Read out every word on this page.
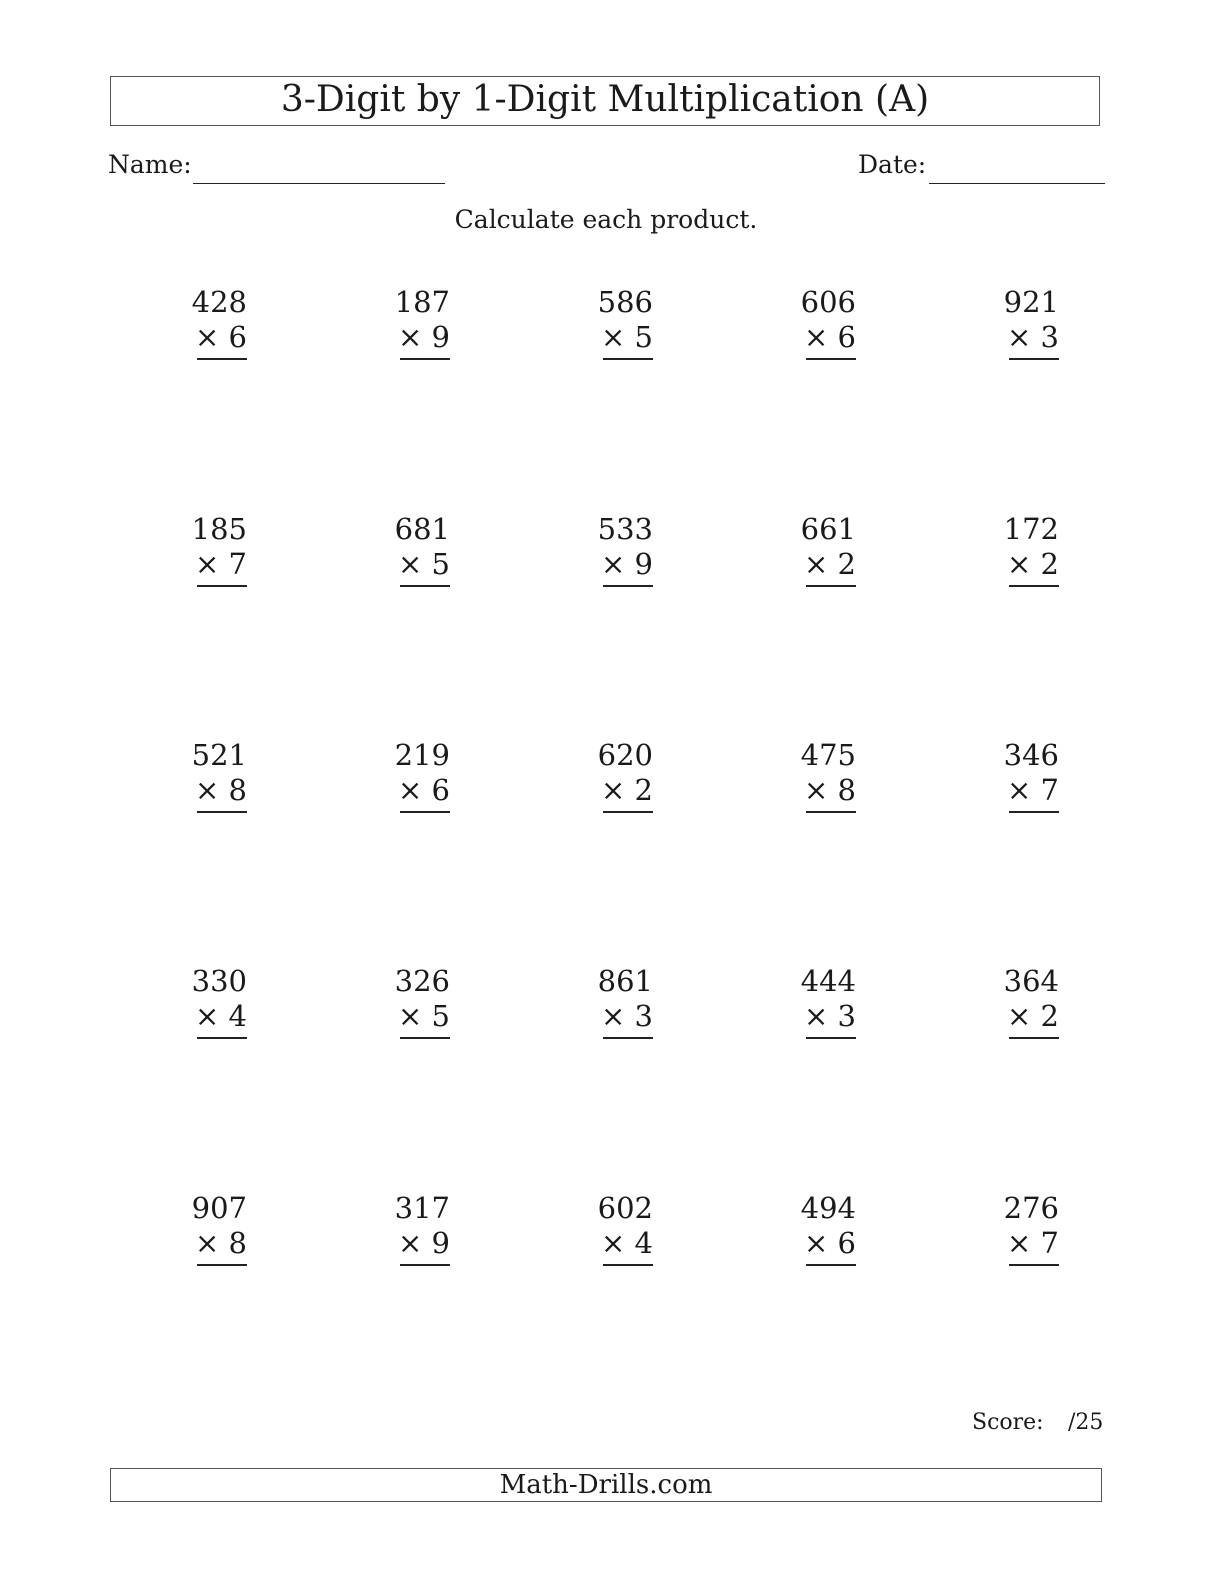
3-Digit by 1-Digit Multiplication (A)
Name:	Date:
Calculate each product.
428
× 6
187
× 9
586
× 5
606
× 6
921
× 3
185
× 7
681
× 5
533
× 9
661
× 2
172
× 2
521
× 8
219
× 6
620
× 2
475
× 8
346
× 7
330
× 4
326
× 5
861
× 3
444
× 3
364
× 2
907
× 8
317
× 9
602
× 4
494
× 6
276
× 7
Score: /25
Math-Drills.com
